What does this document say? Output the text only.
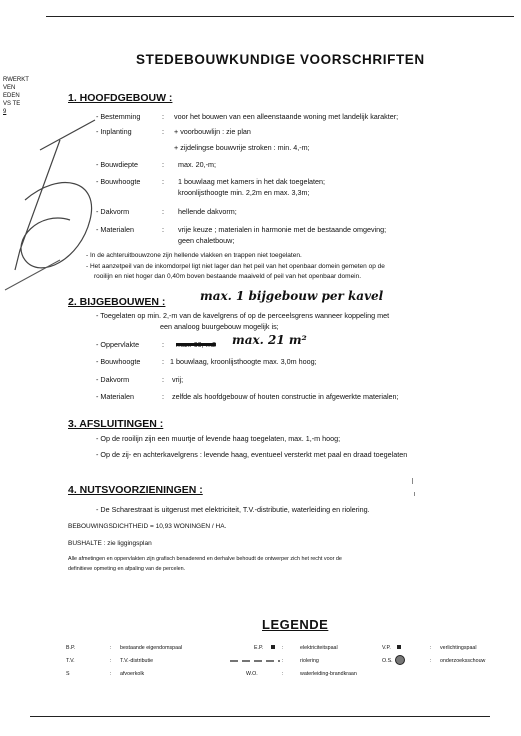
RWERKT
VEN
EDEN
VS TE
9
STEDEBOUWKUNDIGE VOORSCHRIFTEN
1. HOOFDGEBOUW :
- Bestemming	: voor het bouwen van een alleenstaande woning met landelijk karakter;
- Inplanting	: + voorbouwlijn : zie plan
+ zijdelingse bouwvrije stroken : min. 4,-m;
- Bouwdiepte	: max. 20,-m;
- Bouwhoogte	: 1 bouwlaag met kamers in het dak toegelaten;
kroonlijsthoogte min. 2,2m en max. 3,3m;
- Dakvorm	: hellende dakvorm;
- Materialen	: vrije keuze ; materialen in harmonie met de bestaande omgeving;
geen chaletbouw;
- In de achteruitbouwzone zijn hellende vlakken en trappen niet toegelaten.
- Het aanzetpeil van de inkomdorpel ligt niet lager dan het peil van het openbaar domein gemeten op de
rooilijn en niet hoger dan 0,40m boven bestaande maaiveld of peil van het openbaar domein.
2. BIJGEBOUWEN :	max. 1 bijgebouw per kavel
- Toegelaten op min. 2,-m van de kavelgrens of op de perceelsgrens wanneer koppeling met
een analoog buurgebouw mogelijk is;
- Oppervlakte	: max. 60,-m2 max. 21 m²
- Bouwhoogte	: 1 bouwlaag, kroonlijsthoogte max. 3,0m hoog;
- Dakvorm	: vrij;
- Materialen	: zelfde als hoofdgebouw of houten constructie in afgewerkte materialen;
3. AFSLUITINGEN :
- Op de rooilijn zijn een muurtje of levende haag toegelaten, max. 1,-m hoog;
- Op de zij- en achterkavelgrens : levende haag, eventueel versterkt met paal en draad toegelaten
4. NUTSVOORZIENINGEN :
- De Scharestraat is uitgerust met elektriciteit, T.V.-distributie, waterleiding en riolering.
BEBOUWINGSDICHTHEID = 10,93 WONINGEN / HA.
BUSHALTE : zie liggingsplan
Alle afmetingen en oppervlakten zijn grafisch benaderend en derhalve behoudt de ontwerper zich het recht voor de
definitieve opmeting en afpaling van de percelen.
LEGENDE
B.P.	: bestaande eigendomspaal
T.V.	: T.V.-distributie
S	: afvoerkolk
E.P.	:	elektriciteitspaal
:	riolering
W.O.	:	waterleiding-brandkraan
V.P.	: verlichtingspaal
O.S.	: onderzoeksschouw
